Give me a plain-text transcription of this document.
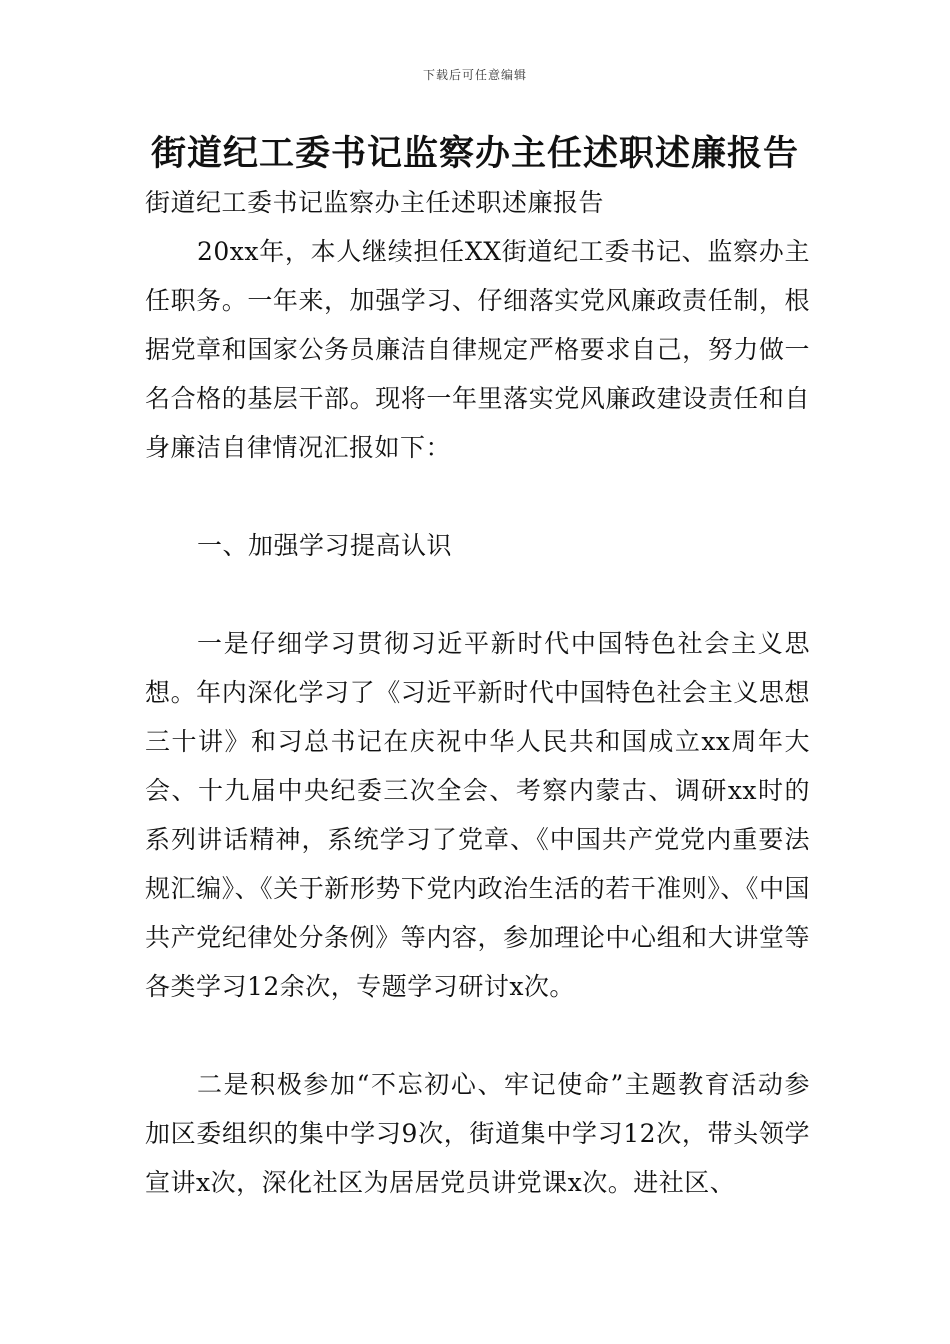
下载后可任意编辑
街道纪工委书记监察办主任述职述廉报告

街道纪工委书记监察办主任述职述廉报告

20xx年，本人继续担任XX街道纪工委书记、监察办主任职务。一年来，加强学习、仔细落实党风廉政责任制，根据党章和国家公务员廉洁自律规定严格要求自己，努力做一名合格的基层干部。现将一年里落实党风廉政建设责任和自身廉洁自律情况汇报如下：

一、加强学习提高认识

一是仔细学习贯彻习近平新时代中国特色社会主义思想。年内深化学习了《习近平新时代中国特色社会主义思想三十讲》和习总书记在庆祝中华人民共和国成立xx周年大会、十九届中央纪委三次全会、考察内蒙古、调研xx时的系列讲话精神，系统学习了党章、《中国共产党党内重要法规汇编》、《关于新形势下党内政治生活的若干准则》、《中国共产党纪律处分条例》等内容，参加理论中心组和大讲堂等各类学习12余次，专题学习研讨x次。

二是积极参加“不忘初心、牢记使命”主题教育活动参加区委组织的集中学习9次，街道集中学习12次，带头领学宣讲x次，深化社区为居居党员讲党课x次。进社区、
